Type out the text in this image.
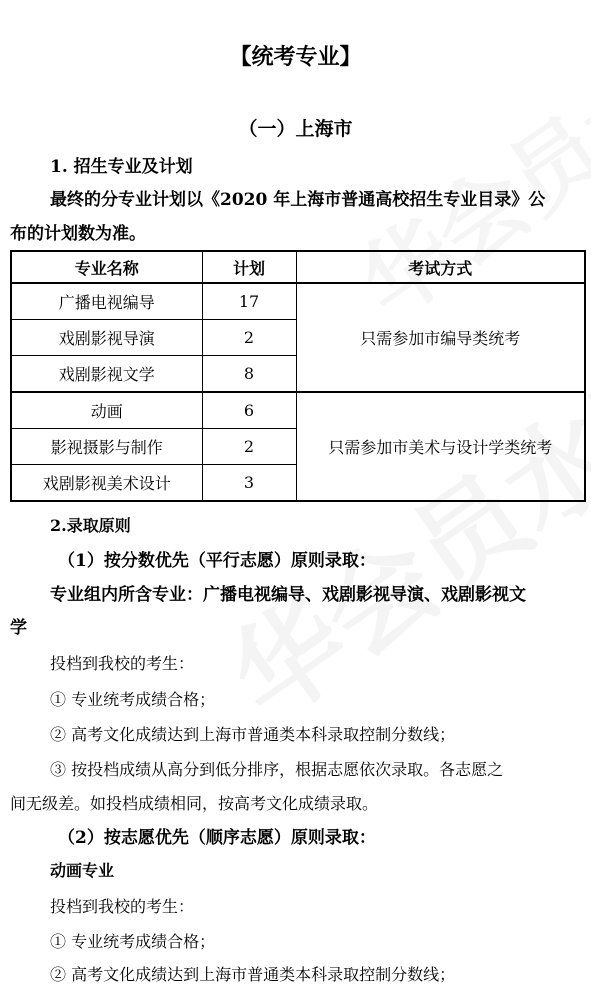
【统考专业】
（一）上海市
1. 招生专业及计划
最终的分专业计划以《2020 年上海市普通高校招生专业目录》公
布的计划数为准。
专业名称	计划	考试方式
广播电视编导	17	只需参加市编导类统考
戏剧影视导演	2	
戏剧影视文学	8	
动画	6	只需参加市美术与设计学类统考
影视摄影与制作	2	
戏剧影视美术设计	3	
2.录取原则
（1）按分数优先（平行志愿）原则录取：
专业组内所含专业：广播电视编导、戏剧影视导演、戏剧影视文
学
投档到我校的考生：
① 专业统考成绩合格；
② 高考文化成绩达到上海市普通类本科录取控制分数线；
③ 按投档成绩从高分到低分排序，根据志愿依次录取。各志愿之
间无级差。如投档成绩相同，按高考文化成绩录取。
（2）按志愿优先（顺序志愿）原则录取：
动画专业
投档到我校的考生：
① 专业统考成绩合格；
② 高考文化成绩达到上海市普通类本科录取控制分数线；
